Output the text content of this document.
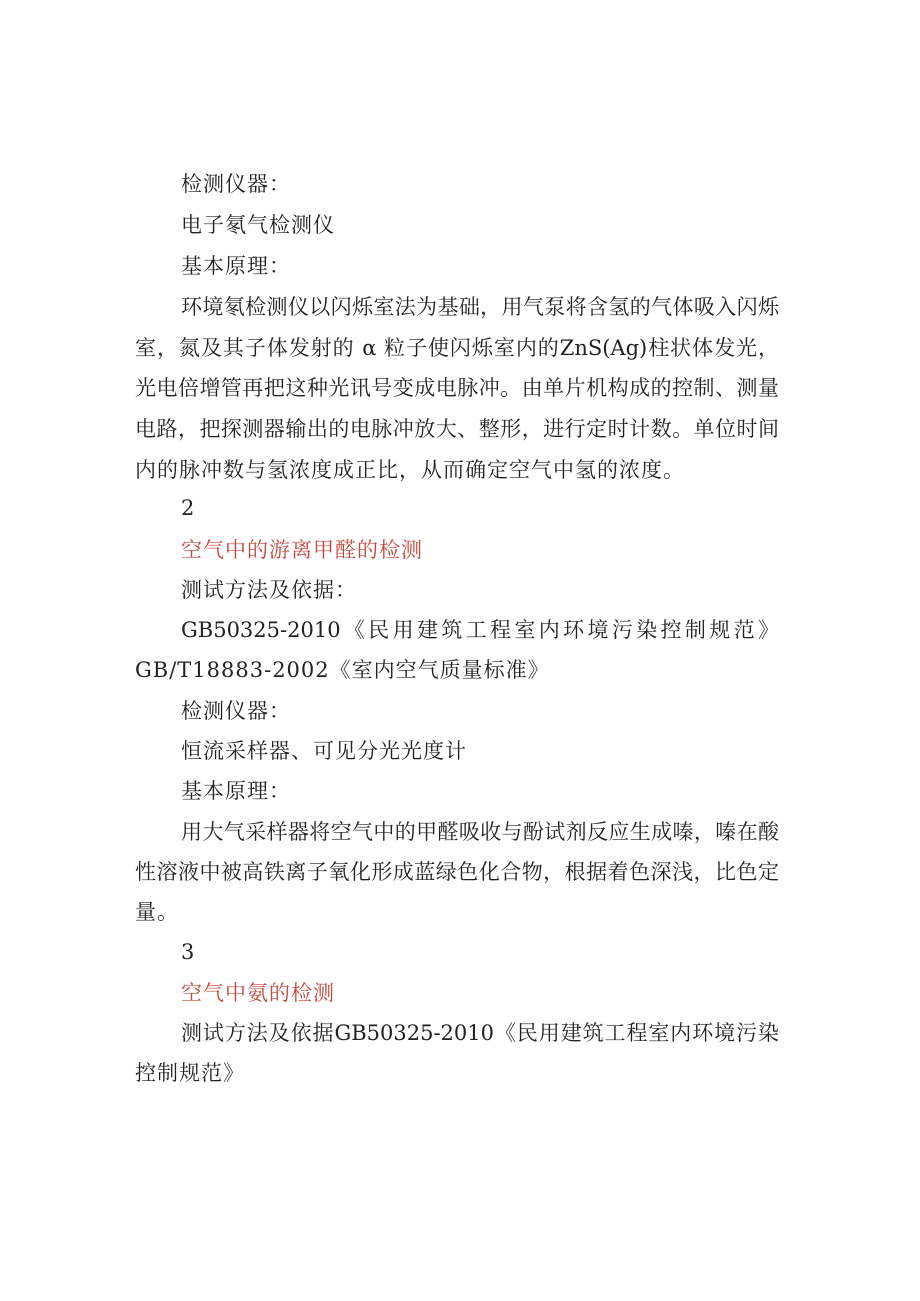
检测仪器：
电子氡气检测仪
基本原理：
环境氡检测仪以闪烁室法为基础，用气泵将含氢的气体吸入闪烁
室，氮及其子体发射的 α 粒子使闪烁室内的ZnS(Ag)柱状体发光，
光电倍增管再把这种光讯号变成电脉冲。由单片机构成的控制、测量
电路，把探测器输出的电脉冲放大、整形，进行定时计数。单位时间
内的脉冲数与氢浓度成正比，从而确定空气中氢的浓度。
2
空气中的游离甲醛的检测
测试方法及依据：
GB50325-2010《民用建筑工程室内环境污染控制规范》
GB/T18883-2002《室内空气质量标准》
检测仪器：
恒流采样器、可见分光光度计
基本原理：
用大气采样器将空气中的甲醛吸收与酚试剂反应生成嗪，嗪在酸
性溶液中被高铁离子氧化形成蓝绿色化合物，根据着色深浅，比色定
量。
3
空气中氨的检测
测试方法及依据GB50325-2010《民用建筑工程室内环境污染
控制规范》
